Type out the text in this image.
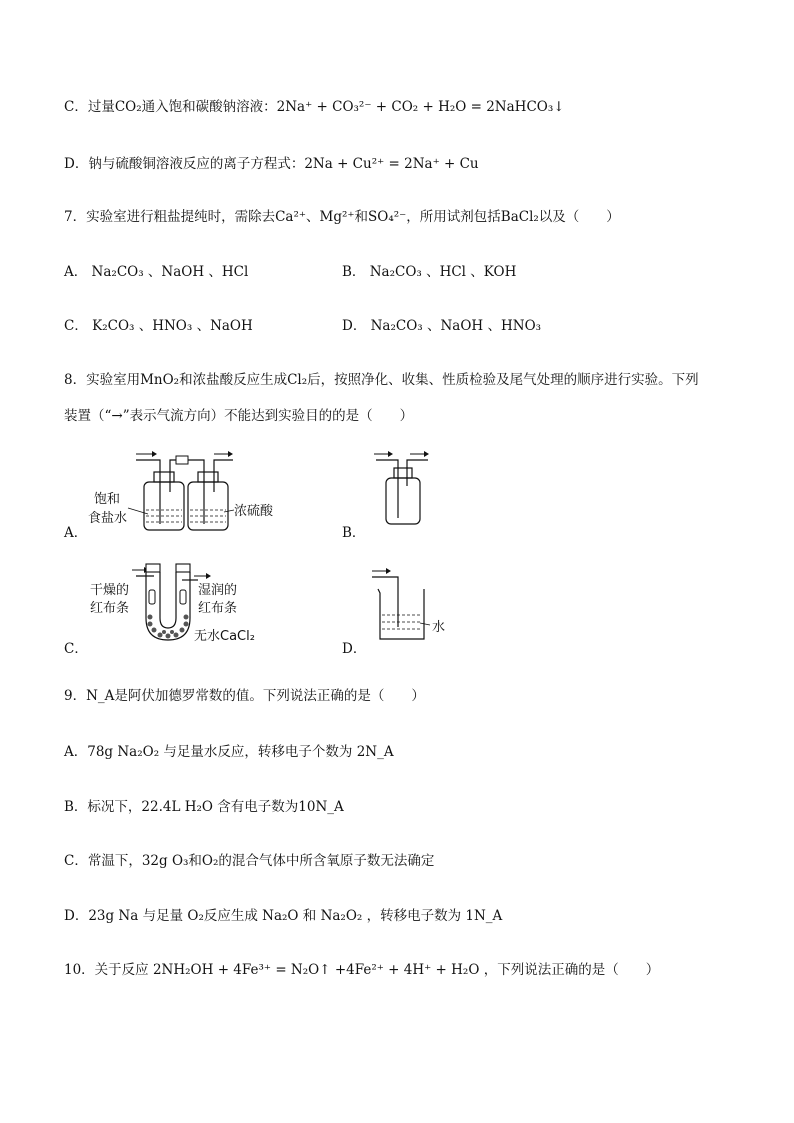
C．过量CO₂通入饱和碳酸钠溶液：2Na⁺ + CO₃²⁻ + CO₂ + H₂O = 2NaHCO₃↓
D．钠与硫酸铜溶液反应的离子方程式：2Na + Cu²⁺ = 2Na⁺ + Cu
7．实验室进行粗盐提纯时，需除去Ca²⁺、Mg²⁺和SO₄²⁻，所用试剂包括BaCl₂以及（　　）
A． Na₂CO₃ 、NaOH 、HCl	B． Na₂CO₃ 、HCl 、KOH
C． K₂CO₃ 、HNO₃ 、NaOH	D． Na₂CO₃ 、NaOH 、HNO₃
8．实验室用MnO₂和浓盐酸反应生成Cl₂后，按照净化、收集、性质检验及尾气处理的顺序进行实验。下列
装置（“→”表示气流方向）不能达到实验目的的是（　　）
A．	B．
C．	D．
饱和
食盐水	浓硫酸
干燥的
红布条
湿润的
红布条
无水CaCl₂
水
9．N_A是阿伏加德罗常数的值。下列说法正确的是（　　）
A．78g Na₂O₂ 与足量水反应，转移电子个数为 2N_A
B．标况下，22.4L H₂O 含有电子数为10N_A
C．常温下，32g O₃和O₂的混合气体中所含氧原子数无法确定
D．23g Na 与足量 O₂反应生成 Na₂O 和 Na₂O₂ ，转移电子数为 1N_A
10．关于反应 2NH₂OH + 4Fe³⁺ = N₂O↑ +4Fe²⁺ + 4H⁺ + H₂O ，下列说法正确的是（　　）
